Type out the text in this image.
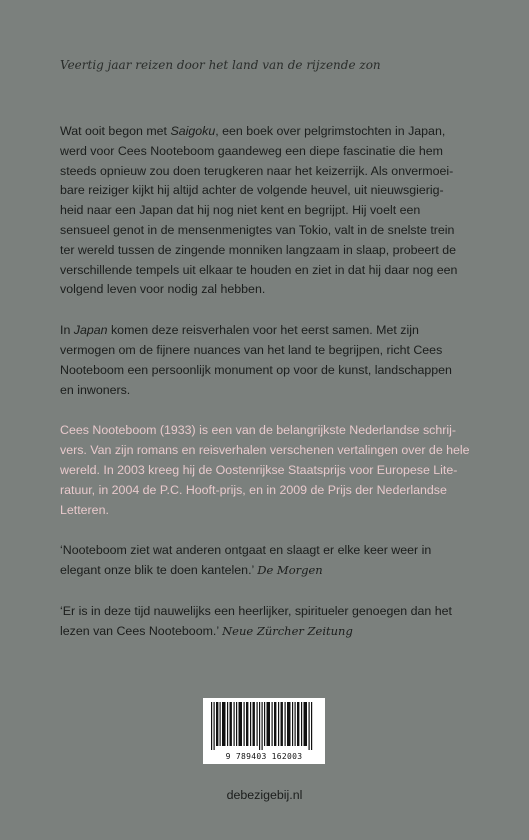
Veertig jaar reizen door het land van de rijzende zon

Wat ooit begon met Saigoku, een boek over pelgrimstochten in Japan,
werd voor Cees Nooteboom gaandeweg een diepe fascinatie die hem
steeds opnieuw zou doen terugkeren naar het keizerrijk. Als onvermoei-
bare reiziger kijkt hij altijd achter de volgende heuvel, uit nieuwsgierig-
heid naar een Japan dat hij nog niet kent en begrijpt. Hij voelt een
sensueel genot in de mensenmenigtes van Tokio, valt in de snelste trein
ter wereld tussen de zingende monniken langzaam in slaap, probeert de
verschillende tempels uit elkaar te houden en ziet in dat hij daar nog een
volgend leven voor nodig zal hebben.

In Japan komen deze reisverhalen voor het eerst samen. Met zijn
vermogen om de fijnere nuances van het land te begrijpen, richt Cees
Nooteboom een persoonlijk monument op voor de kunst, landschappen
en inwoners.

Cees Nooteboom (1933) is een van de belangrijkste Nederlandse schrij-
vers. Van zijn romans en reisverhalen verschenen vertalingen over de hele
wereld. In 2003 kreeg hij de Oostenrijkse Staatsprijs voor Europese Lite-
ratuur, in 2004 de P.C. Hooft-prijs, en in 2009 de Prijs der Nederlandse
Letteren.

‘Nooteboom ziet wat anderen ontgaat en slaagt er elke keer weer in
elegant onze blik te doen kantelen.’ De Morgen

‘Er is in deze tijd nauwelijks een heerlijker, spiritueler genoegen dan het
lezen van Cees Nooteboom.’ Neue Zürcher Zeitung

9 789403 162003
debezigebij.nl
